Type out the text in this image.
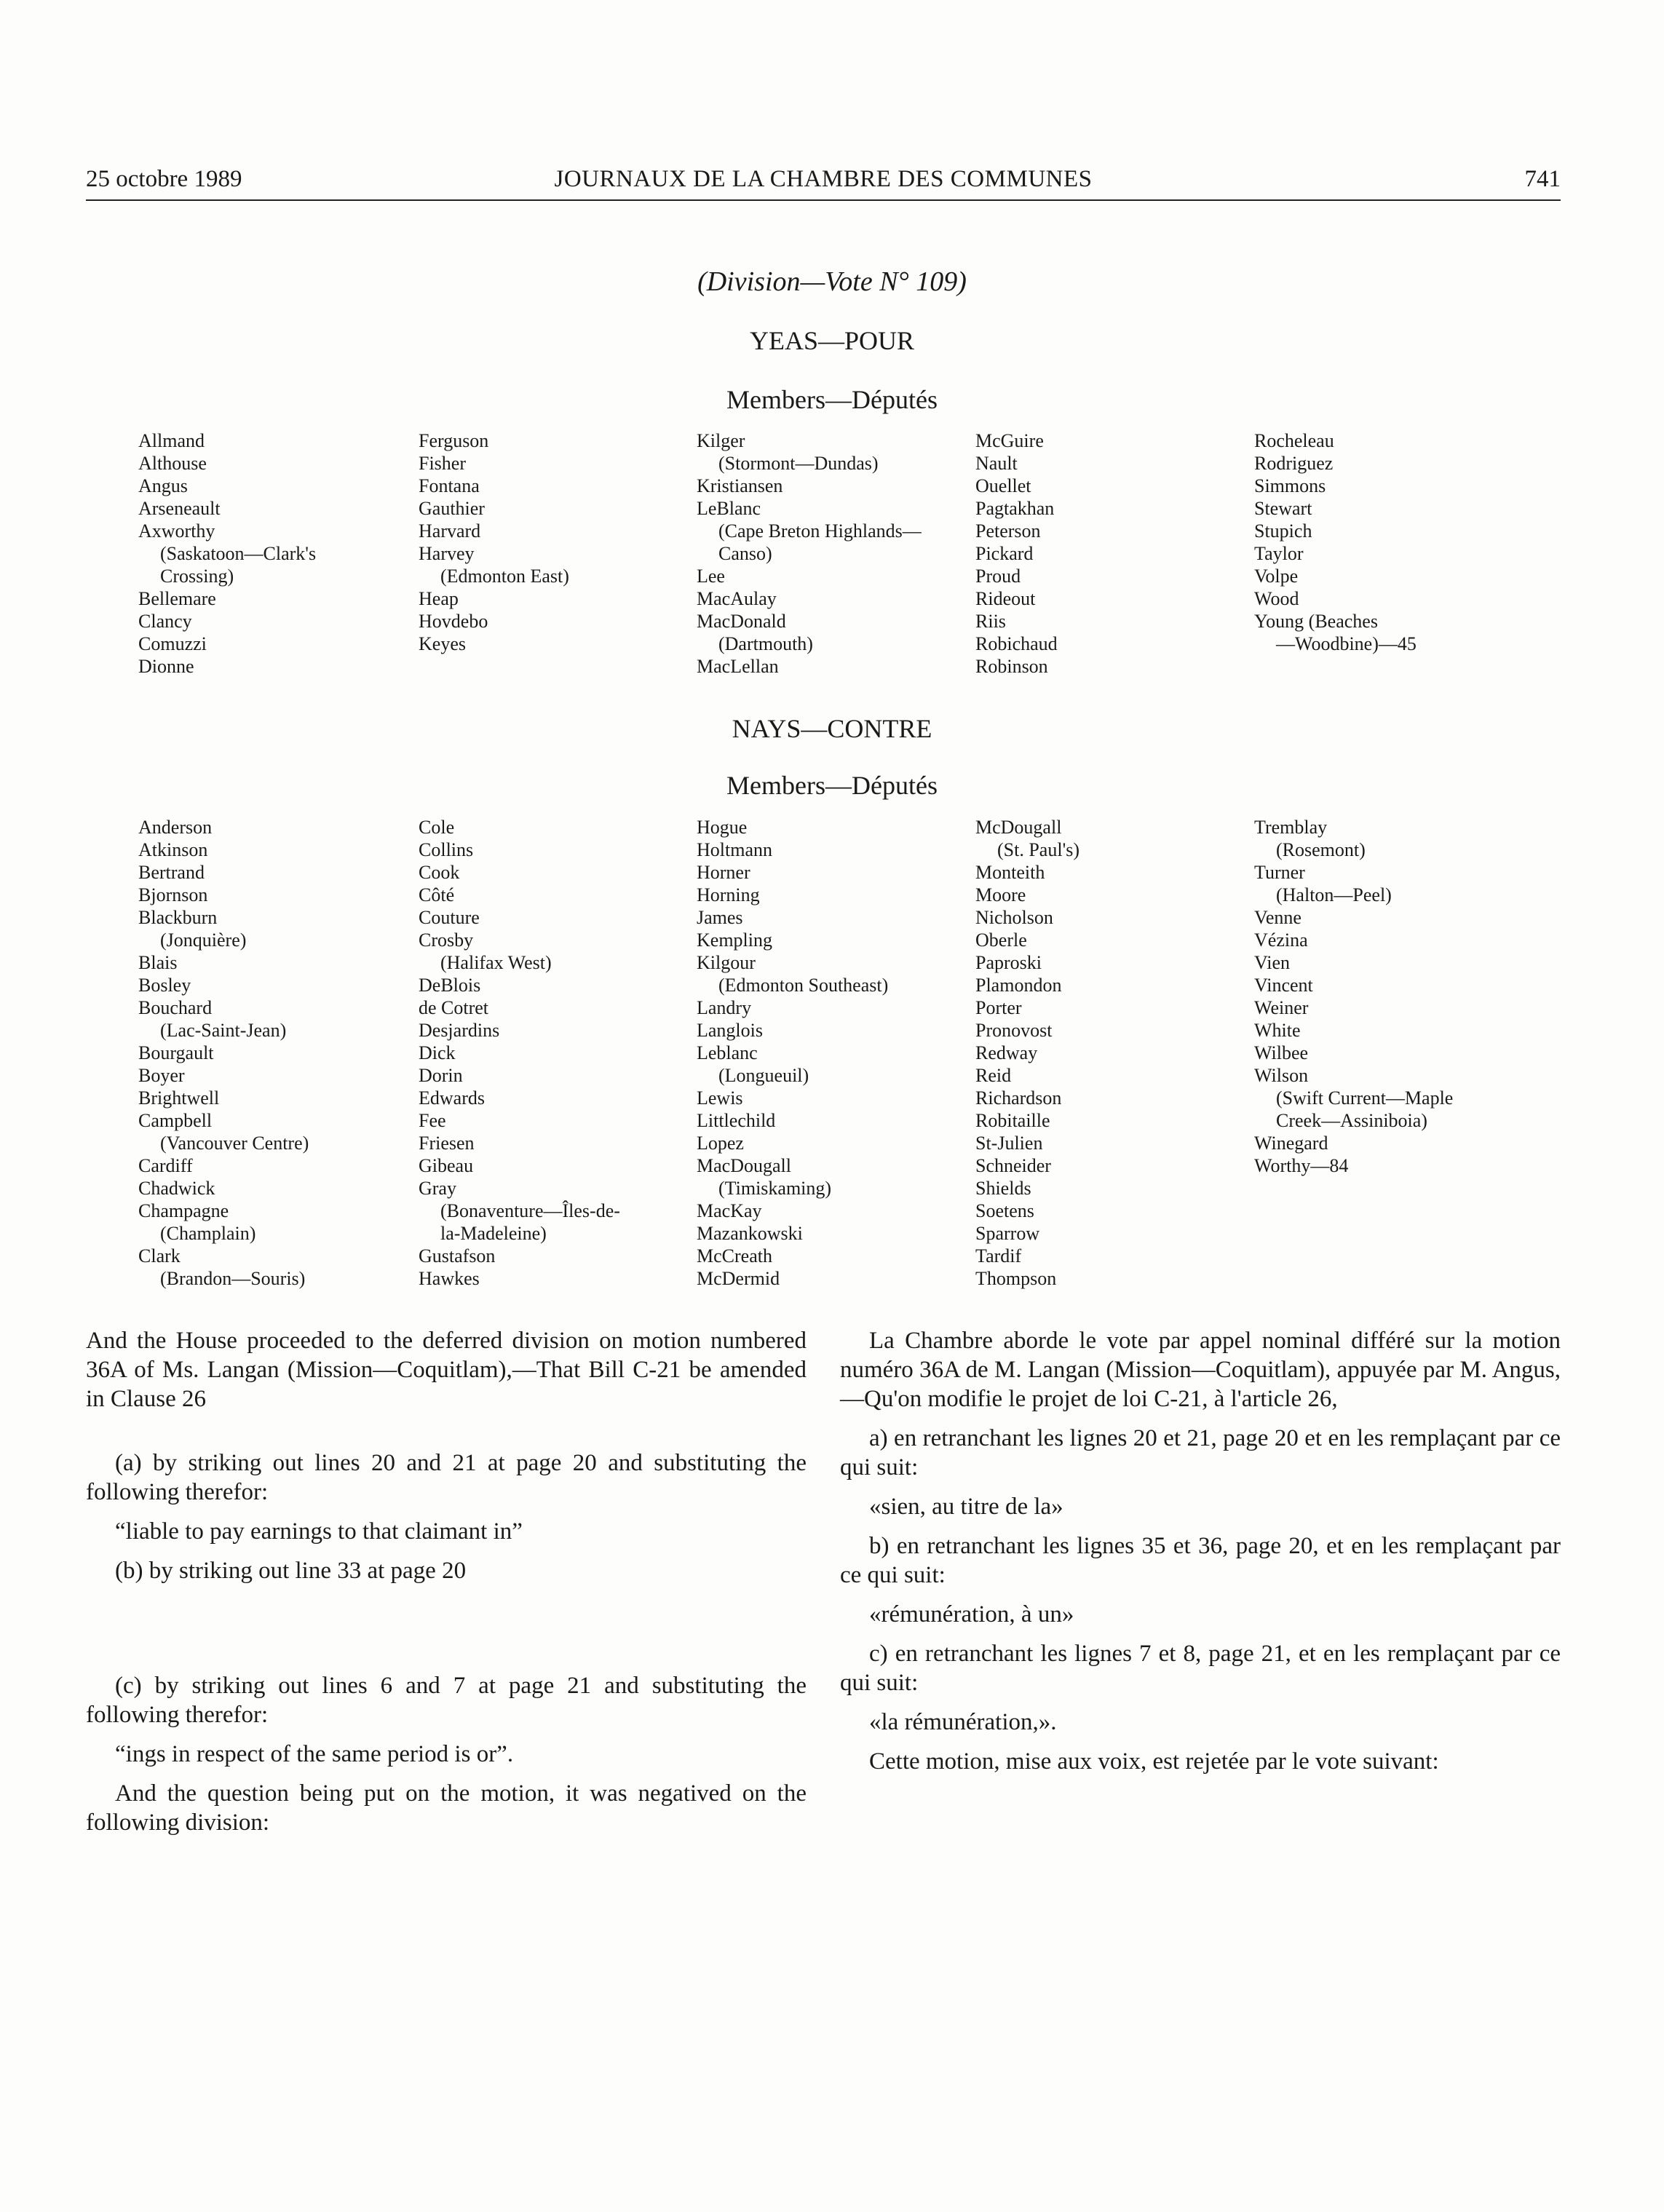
25 octobre 1989	JOURNAUX DE LA CHAMBRE DES COMMUNES	741
(Division—Vote N° 109)
YEAS—POUR
Members—Députés
Allmand
Althouse
Angus
Arseneault
Axworthy
(Saskatoon—Clark's
Crossing)
Bellemare
Clancy
Comuzzi
Dionne
Ferguson
Fisher
Fontana
Gauthier
Harvard
Harvey
(Edmonton East)
Heap
Hovdebo
Keyes
Kilger
(Stormont—Dundas)
Kristiansen
LeBlanc
(Cape Breton Highlands—
Canso)
Lee
MacAulay
MacDonald
(Dartmouth)
MacLellan
McGuire
Nault
Ouellet
Pagtakhan
Peterson
Pickard
Proud
Rideout
Riis
Robichaud
Robinson
Rocheleau
Rodriguez
Simmons
Stewart
Stupich
Taylor
Volpe
Wood
Young (Beaches
—Woodbine)—45
NAYS—CONTRE
Members—Députés
Anderson
Atkinson
Bertrand
Bjornson
Blackburn
(Jonquière)
Blais
Bosley
Bouchard
(Lac-Saint-Jean)
Bourgault
Boyer
Brightwell
Campbell
(Vancouver Centre)
Cardiff
Chadwick
Champagne
(Champlain)
Clark
(Brandon—Souris)
Cole
Collins
Cook
Côté
Couture
Crosby
(Halifax West)
DeBlois
de Cotret
Desjardins
Dick
Dorin
Edwards
Fee
Friesen
Gibeau
Gray
(Bonaventure—Îles-de-
la-Madeleine)
Gustafson
Hawkes
Hogue
Holtmann
Horner
Horning
James
Kempling
Kilgour
(Edmonton Southeast)
Landry
Langlois
Leblanc
(Longueuil)
Lewis
Littlechild
Lopez
MacDougall
(Timiskaming)
MacKay
Mazankowski
McCreath
McDermid
McDougall
(St. Paul's)
Monteith
Moore
Nicholson
Oberle
Paproski
Plamondon
Porter
Pronovost
Redway
Reid
Richardson
Robitaille
St-Julien
Schneider
Shields
Soetens
Sparrow
Tardif
Thompson
Tremblay
(Rosemont)
Turner
(Halton—Peel)
Venne
Vézina
Vien
Vincent
Weiner
White
Wilbee
Wilson
(Swift Current—Maple
Creek—Assiniboia)
Winegard
Worthy—84

And the House proceeded to the deferred division on motion numbered 36A of Ms. Langan (Mission—Coquitlam),—That Bill C-21 be amended in Clause 26

(a) by striking out lines 20 and 21 at page 20 and substituting the following therefor:

“liable to pay earnings to that claimant in”

(b) by striking out line 33 at page 20

(c) by striking out lines 6 and 7 at page 21 and substituting the following therefor:

“ings in respect of the same period is or”.

And the question being put on the motion, it was negatived on the following division:

La Chambre aborde le vote par appel nominal différé sur la motion numéro 36A de M. Langan (Mission—Coquitlam), appuyée par M. Angus,—Qu'on modifie le projet de loi C-21, à l'article 26,

a) en retranchant les lignes 20 et 21, page 20 et en les remplaçant par ce qui suit:

«sien, au titre de la»

b) en retranchant les lignes 35 et 36, page 20, et en les remplaçant par ce qui suit:

«rémunération, à un»

c) en retranchant les lignes 7 et 8, page 21, et en les remplaçant par ce qui suit:

«la rémunération,».

Cette motion, mise aux voix, est rejetée par le vote suivant:
